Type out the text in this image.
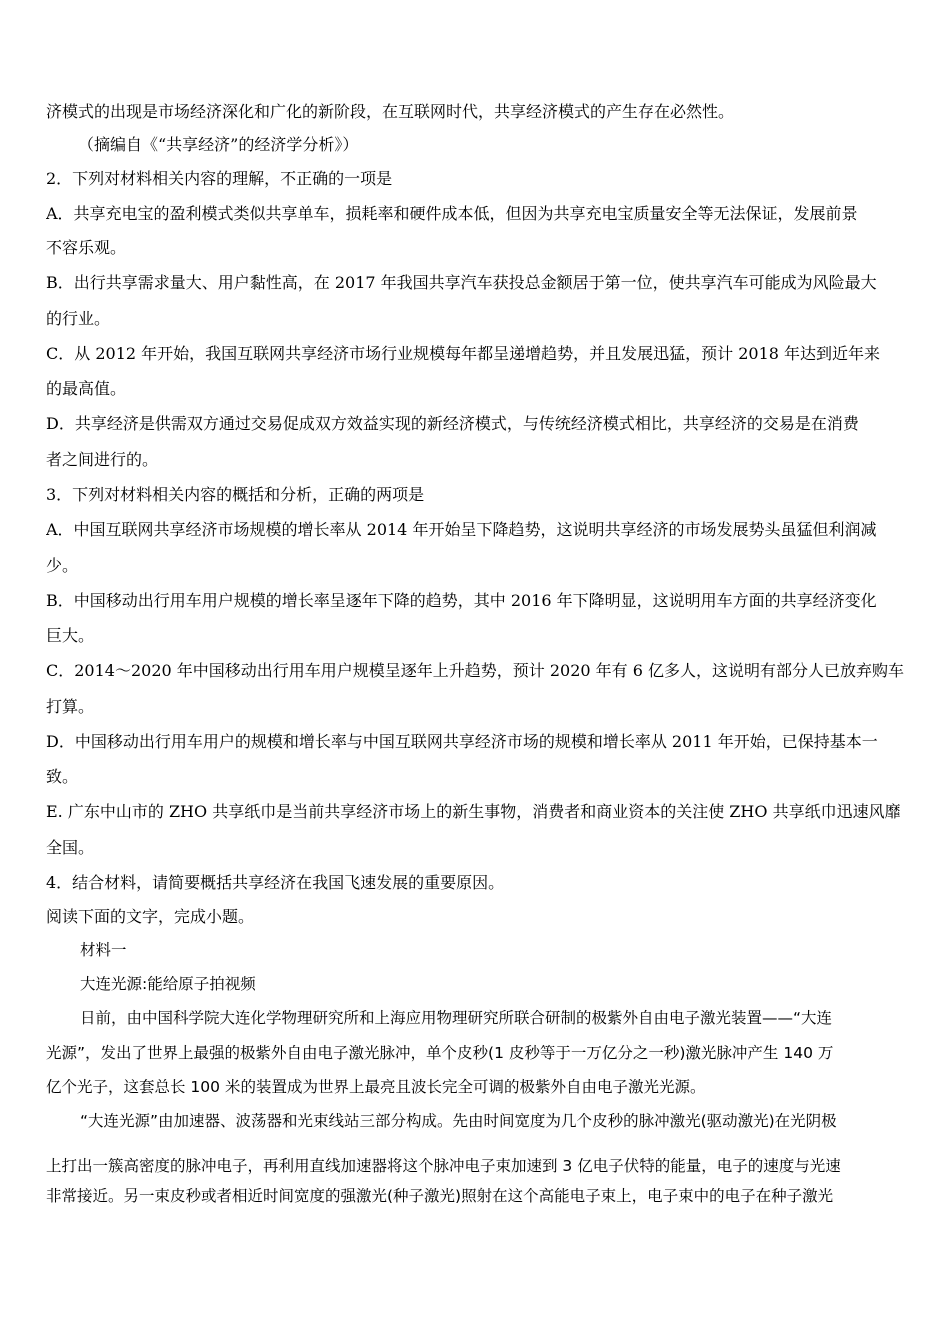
济模式的出现是市场经济深化和广化的新阶段，在互联网时代，共享经济模式的产生存在必然性。
（摘编自《“共享经济”的经济学分析》）
2．下列对材料相关内容的理解，不正确的一项是
A．共享充电宝的盈利模式类似共享单车，损耗率和硬件成本低，但因为共享充电宝质量安全等无法保证，发展前景
不容乐观。
B．出行共享需求量大、用户黏性高，在 2017 年我国共享汽车获投总金额居于第一位，使共享汽车可能成为风险最大
的行业。
C．从 2012 年开始，我国互联网共享经济市场行业规模每年都呈递增趋势，并且发展迅猛，预计 2018 年达到近年来
的最高值。
D．共享经济是供需双方通过交易促成双方效益实现的新经济模式，与传统经济模式相比，共享经济的交易是在消费
者之间进行的。
3．下列对材料相关内容的概括和分析，正确的两项是
A．中国互联网共享经济市场规模的增长率从 2014 年开始呈下降趋势，这说明共享经济的市场发展势头虽猛但利润减
少。
B．中国移动出行用车用户规模的增长率呈逐年下降的趋势，其中 2016 年下降明显，这说明用车方面的共享经济变化
巨大。
C．2014～2020 年中国移动出行用车用户规模呈逐年上升趋势，预计 2020 年有 6 亿多人，这说明有部分人已放弃购车
打算。
D．中国移动出行用车用户的规模和增长率与中国互联网共享经济市场的规模和增长率从 2011 年开始，已保持基本一
致。
E. 广东中山市的 ZHO 共享纸巾是当前共享经济市场上的新生事物，消费者和商业资本的关注使 ZHO 共享纸巾迅速风靡
全国。
4．结合材料，请简要概括共享经济在我国飞速发展的重要原因。
阅读下面的文字，完成小题。
材料一
大连光源:能给原子拍视频
日前，由中国科学院大连化学物理研究所和上海应用物理研究所联合研制的极紫外自由电子激光装置——“大连
光源”，发出了世界上最强的极紫外自由电子激光脉冲，单个皮秒(1 皮秒等于一万亿分之一秒)激光脉冲产生 140 万
亿个光子，这套总长 100 米的装置成为世界上最亮且波长完全可调的极紫外自由电子激光光源。
“大连光源”由加速器、波荡器和光束线站三部分构成。先由时间宽度为几个皮秒的脉冲激光(驱动激光)在光阴极
上打出一簇高密度的脉冲电子，再利用直线加速器将这个脉冲电子束加速到 3 亿电子伏特的能量，电子的速度与光速
非常接近。另一束皮秒或者相近时间宽度的强激光(种子激光)照射在这个高能电子束上，电子束中的电子在种子激光
